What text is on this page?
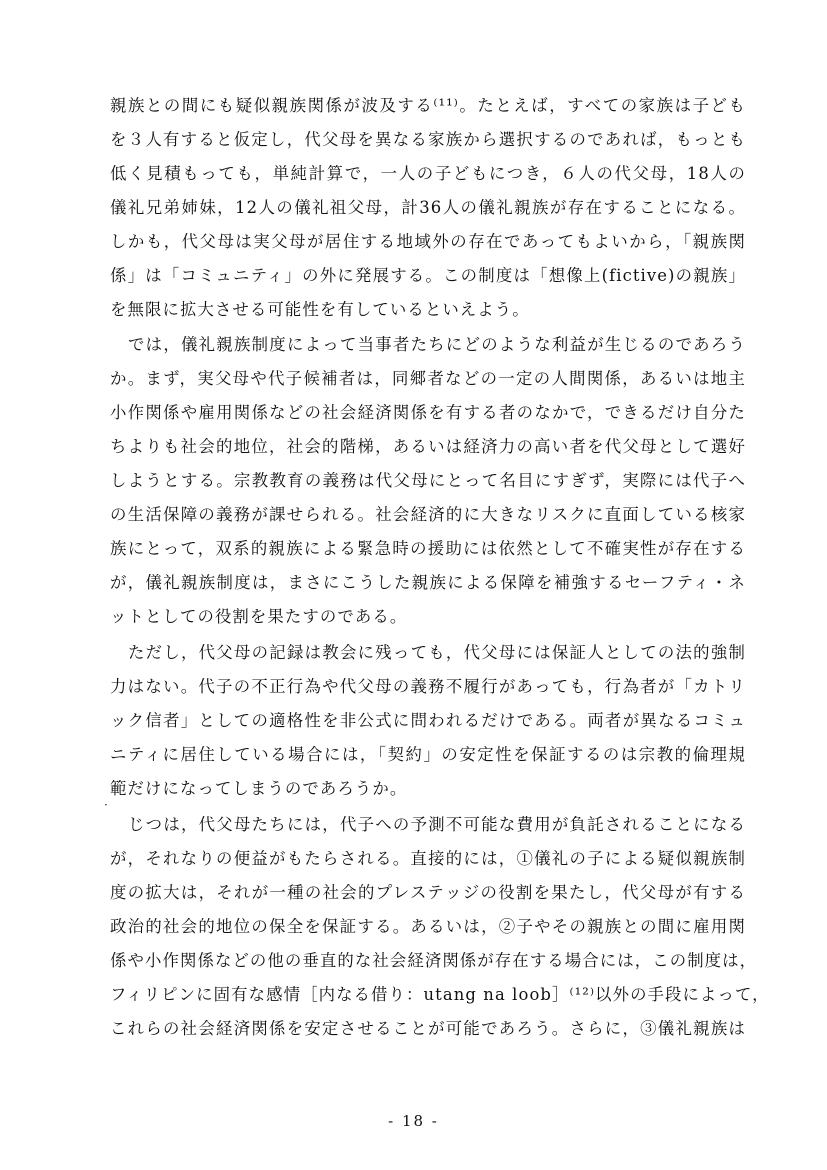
親族との間にも疑似親族関係が波及する⁽¹¹⁾。たとえば，すべての家族は子ども
を３人有すると仮定し，代父母を異なる家族から選択するのであれば，もっとも
低く見積もっても，単純計算で，一人の子どもにつき，６人の代父母，18人の
儀礼兄弟姉妹，12人の儀礼祖父母，計36人の儀礼親族が存在することになる。
しかも，代父母は実父母が居住する地域外の存在であってもよいから，「親族関
係」は「コミュニティ」の外に発展する。この制度は「想像上(fictive)の親族」
を無限に拡大させる可能性を有しているといえよう。
では，儀礼親族制度によって当事者たちにどのような利益が生じるのであろう
か。まず，実父母や代子候補者は，同郷者などの一定の人間関係，あるいは地主
小作関係や雇用関係などの社会経済関係を有する者のなかで，できるだけ自分た
ちよりも社会的地位，社会的階梯，あるいは経済力の高い者を代父母として選好
しようとする。宗教教育の義務は代父母にとって名目にすぎず，実際には代子へ
の生活保障の義務が課せられる。社会経済的に大きなリスクに直面している核家
族にとって，双系的親族による緊急時の援助には依然として不確実性が存在する
が，儀礼親族制度は，まさにこうした親族による保障を補強するセーフティ・ネ
ットとしての役割を果たすのである。
ただし，代父母の記録は教会に残っても，代父母には保証人としての法的強制
力はない。代子の不正行為や代父母の義務不履行があっても，行為者が「カトリ
ック信者」としての適格性を非公式に問われるだけである。両者が異なるコミュ
ニティに居住している場合には，「契約」の安定性を保証するのは宗教的倫理規
·
範だけになってしまうのであろうか。
じつは，代父母たちには，代子への予測不可能な費用が負託されることになる
が，それなりの便益がもたらされる。直接的には，①儀礼の子による疑似親族制
度の拡大は，それが一種の社会的プレステッジの役割を果たし，代父母が有する
政治的社会的地位の保全を保証する。あるいは，②子やその親族との間に雇用関
係や小作関係などの他の垂直的な社会経済関係が存在する場合には，この制度は，
フィリピンに固有な感情［内なる借り：utang na loob］⁽¹²⁾以外の手段によって，
これらの社会経済関係を安定させることが可能であろう。さらに，③儀礼親族は
- 18 -
